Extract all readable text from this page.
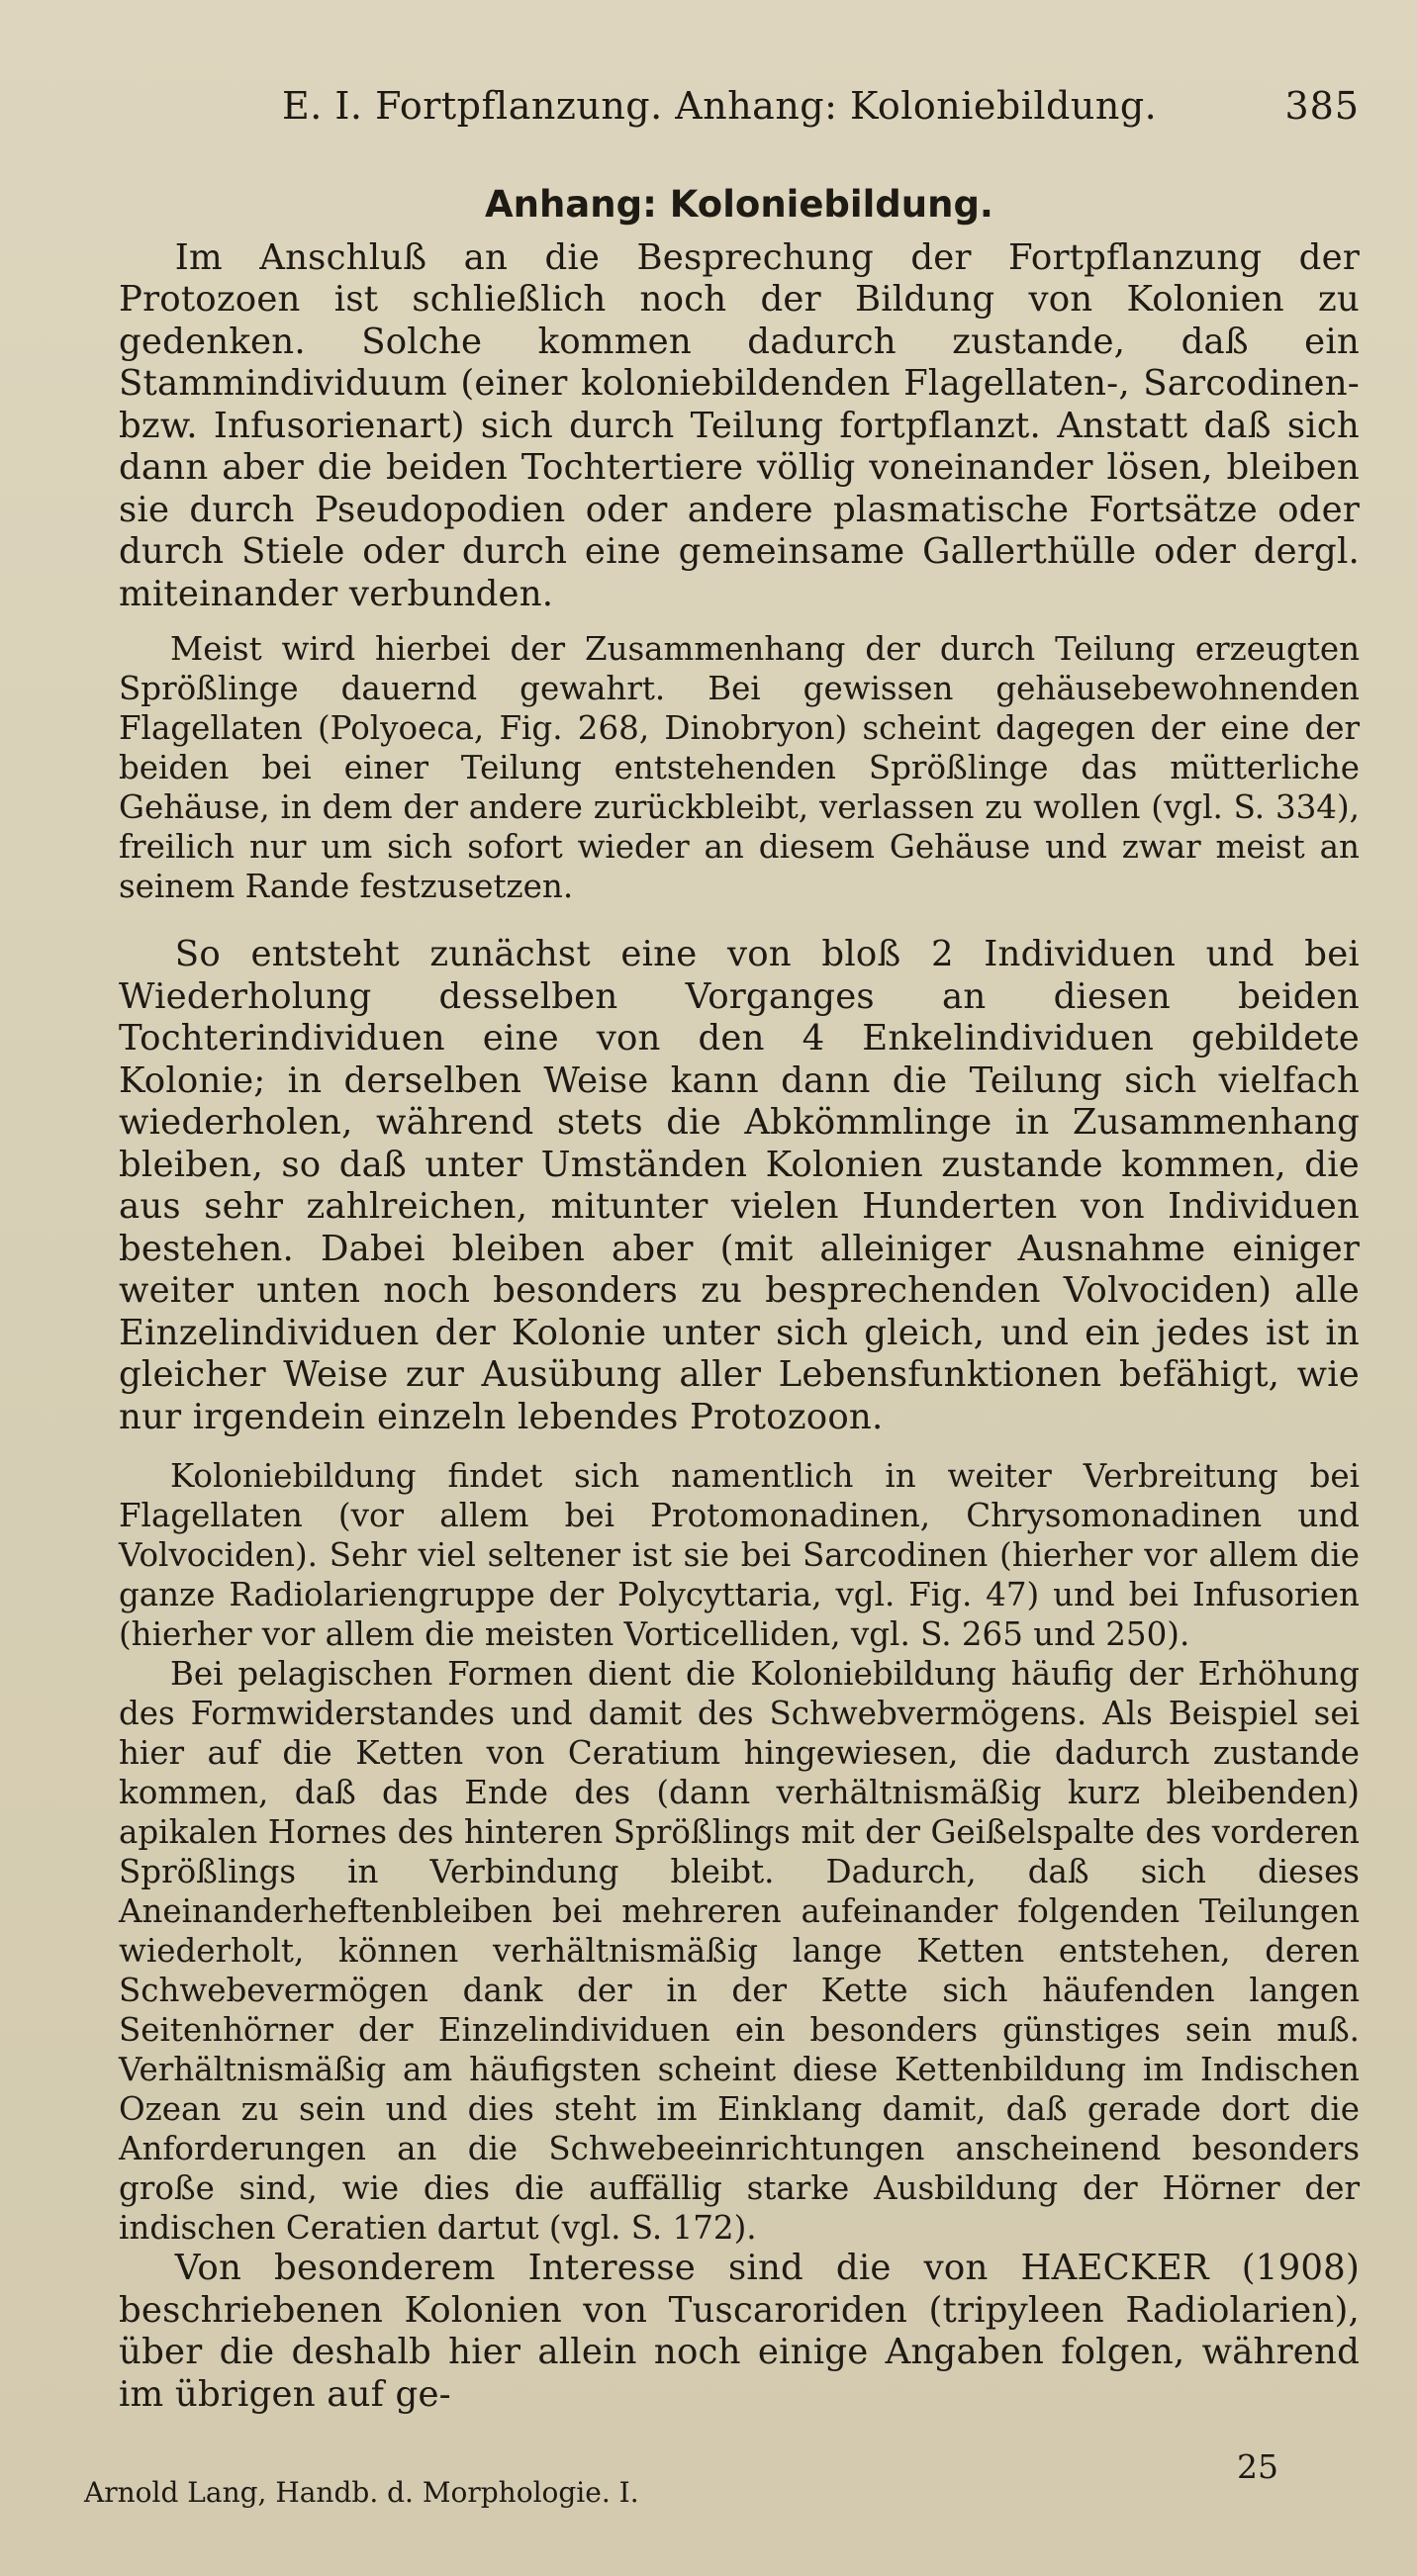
E. I. Fortpflanzung. Anhang: Koloniebildung.	385
Anhang: Koloniebildung.

Im Anschluß an die Besprechung der Fortpflanzung der Protozoen ist schließlich noch der Bildung von Kolonien zu gedenken. Solche kommen dadurch zustande, daß ein Stammindividuum (einer koloniebildenden Flagellaten-, Sarcodinen- bzw. Infusorienart) sich durch Teilung fortpflanzt. Anstatt daß sich dann aber die beiden Tochtertiere völlig voneinander lösen, bleiben sie durch Pseudopodien oder andere plasmatische Fortsätze oder durch Stiele oder durch eine gemeinsame Gallerthülle oder dergl. miteinander verbunden.

Meist wird hierbei der Zusammenhang der durch Teilung erzeugten Sprößlinge dauernd gewahrt. Bei gewissen gehäusebewohnenden Flagellaten (Polyoeca, Fig. 268, Dinobryon) scheint dagegen der eine der beiden bei einer Teilung entstehenden Sprößlinge das mütterliche Gehäuse, in dem der andere zurückbleibt, verlassen zu wollen (vgl. S. 334), freilich nur um sich sofort wieder an diesem Gehäuse und zwar meist an seinem Rande festzusetzen.

So entsteht zunächst eine von bloß 2 Individuen und bei Wiederholung desselben Vorganges an diesen beiden Tochterindividuen eine von den 4 Enkelindividuen gebildete Kolonie; in derselben Weise kann dann die Teilung sich vielfach wiederholen, während stets die Abkömmlinge in Zusammenhang bleiben, so daß unter Umständen Kolonien zustande kommen, die aus sehr zahlreichen, mitunter vielen Hunderten von Individuen bestehen. Dabei bleiben aber (mit alleiniger Ausnahme einiger weiter unten noch besonders zu besprechenden Volvociden) alle Einzelindividuen der Kolonie unter sich gleich, und ein jedes ist in gleicher Weise zur Ausübung aller Lebensfunktionen befähigt, wie nur irgendein einzeln lebendes Protozoon.

Koloniebildung findet sich namentlich in weiter Verbreitung bei Flagellaten (vor allem bei Protomonadinen, Chrysomonadinen und Volvociden). Sehr viel seltener ist sie bei Sarcodinen (hierher vor allem die ganze Radiolariengruppe der Polycyttaria, vgl. Fig. 47) und bei Infusorien (hierher vor allem die meisten Vorticelliden, vgl. S. 265 und 250).

Bei pelagischen Formen dient die Koloniebildung häufig der Erhöhung des Formwiderstandes und damit des Schwebvermögens. Als Beispiel sei hier auf die Ketten von Ceratium hingewiesen, die dadurch zustande kommen, daß das Ende des (dann verhältnismäßig kurz bleibenden) apikalen Hornes des hinteren Sprößlings mit der Geißelspalte des vorderen Sprößlings in Verbindung bleibt. Dadurch, daß sich dieses Aneinanderheftenbleiben bei mehreren aufeinander folgenden Teilungen wiederholt, können verhältnismäßig lange Ketten entstehen, deren Schwebevermögen dank der in der Kette sich häufenden langen Seitenhörner der Einzelindividuen ein besonders günstiges sein muß. Verhältnismäßig am häufigsten scheint diese Kettenbildung im Indischen Ozean zu sein und dies steht im Einklang damit, daß gerade dort die Anforderungen an die Schwebeeinrichtungen anscheinend besonders große sind, wie dies die auffällig starke Ausbildung der Hörner der indischen Ceratien dartut (vgl. S. 172).

Von besonderem Interesse sind die von HAECKER (1908) beschriebenen Kolonien von Tuscaroriden (tripyleen Radiolarien), über die deshalb hier allein noch einige Angaben folgen, während im übrigen auf ge-

Arnold Lang, Handb. d. Morphologie. I.
25
